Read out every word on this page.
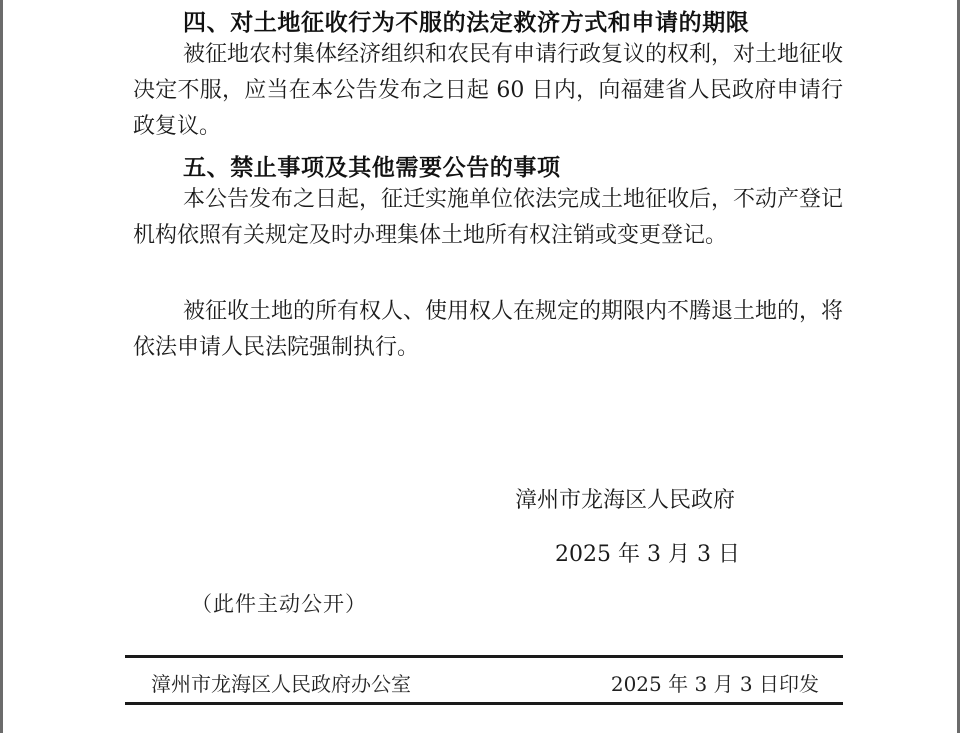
四、对土地征收行为不服的法定救济方式和申请的期限
被征地农村集体经济组织和农民有申请行政复议的权利，对土地征收决定不服，应当在本公告发布之日起 60 日内，向福建省人民政府申请行政复议。
五、禁止事项及其他需要公告的事项
本公告发布之日起，征迁实施单位依法完成土地征收后，不动产登记机构依照有关规定及时办理集体土地所有权注销或变更登记。
被征收土地的所有权人、使用权人在规定的期限内不腾退土地的，将依法申请人民法院强制执行。
漳州市龙海区人民政府
2025 年 3 月 3 日
（此件主动公开）
漳州市龙海区人民政府办公室	2025 年 3 月 3 日印发
